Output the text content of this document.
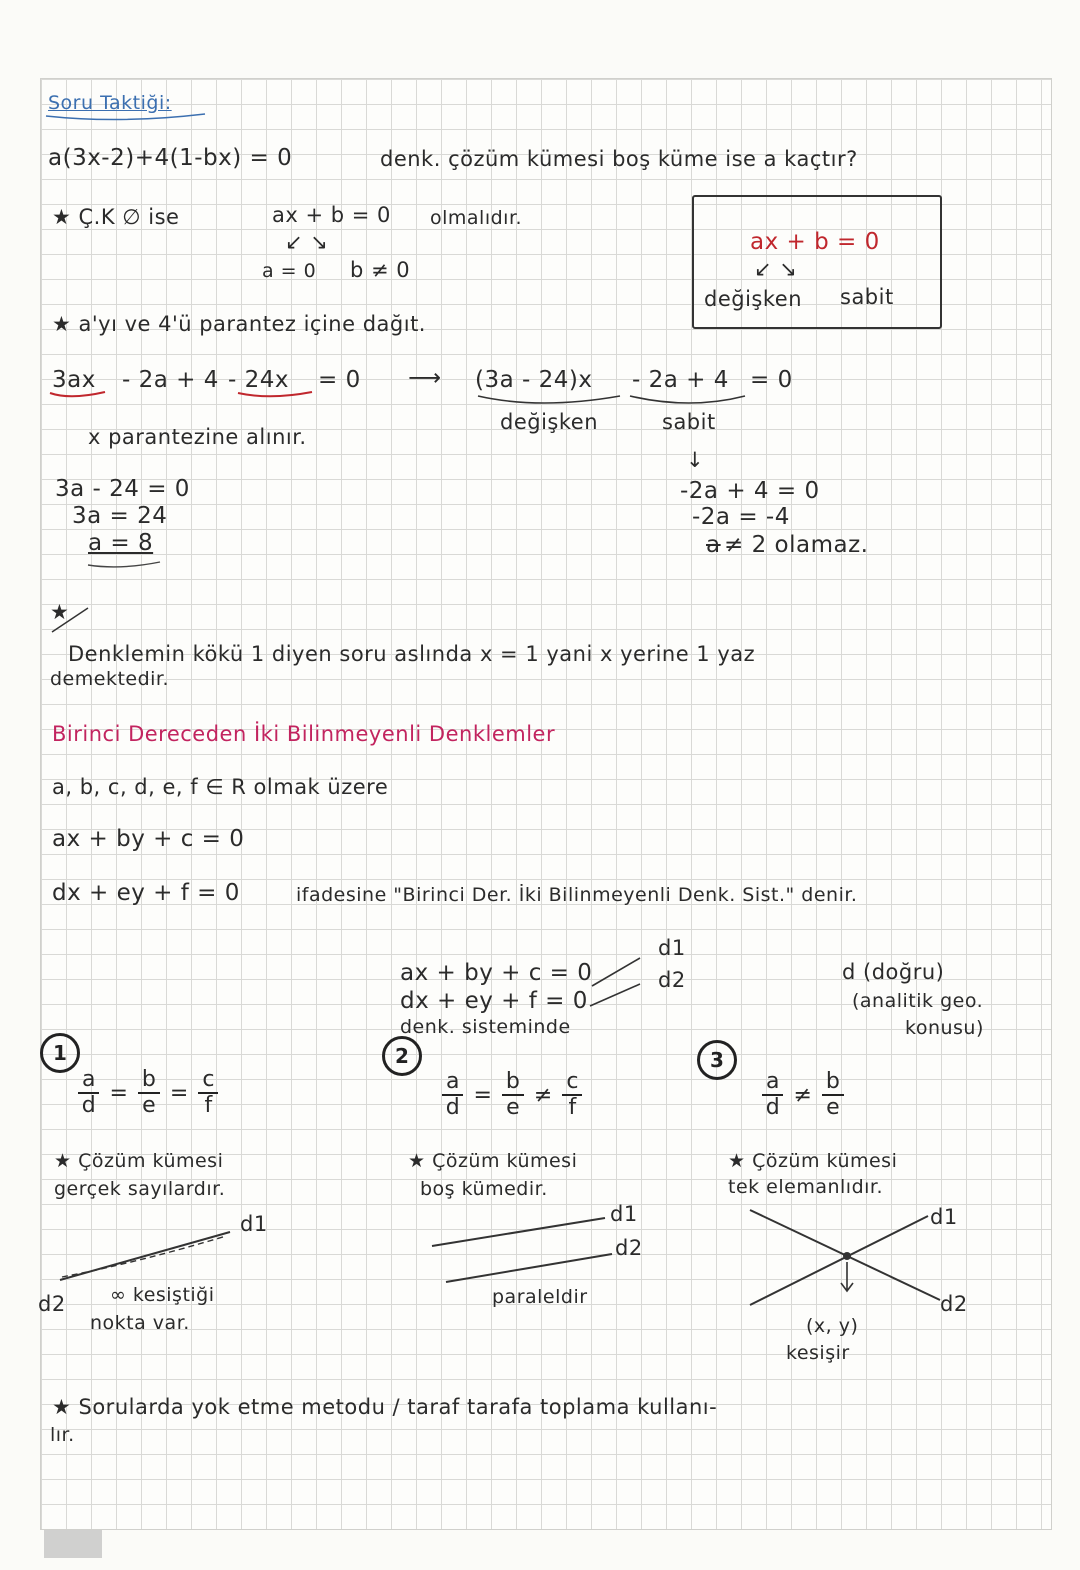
Soru Taktiği:
a(3x-2)+4(1-bx) = 0	denk. çözüm kümesi boş küme ise a kaçtır?
★ Ç.K ∅ ise	ax + b = 0 olmalıdır.
↙ ↘
a = 0 b ≠ 0
ax + b = 0
↙ ↘
değişken sabit
★ a'yı ve 4'ü parantez içine dağıt.
3ax - 2a + 4 - 24x = 0 ⟶ (3a - 24)x - 2a + 4 = 0
değişken	sabit
x parantezine alınır.
↓
3a - 24 = 0
3a = 24
a = 8
-2a + 4 = 0
-2a = -4
a ≠ 2 olamaz.
★
Denklemin kökü 1 diyen soru aslında x = 1 yani x yerine 1 yaz
demektedir.
Birinci Dereceden İki Bilinmeyenli Denklemler
a, b, c, d, e, f ∈ R olmak üzere
ax + by + c = 0
dx + ey + f = 0	ifadesine "Birinci Der. İki Bilinmeyenli Denk. Sist." denir.
ax + by + c = 0
dx + ey + f = 0
denk. sisteminde
d1
d2	d (doğru)
(analitik geo.
konusu)
1
$\frac{a}{d} = \frac{b}{e} = \frac{c}{f}$
★ Çözüm kümesi
gerçek sayılardır.
d1
d2 ∞ kesiştiği
nokta var.
2
$\frac{a}{d} = \frac{b}{e}$ ≠
c
f
★ Çözüm kümesi
boş kümedir.
d1
d2
paraleldir
3
a
d ≠
b
e
★ Çözüm kümesi
tek elemanlıdır.
d1
d2
(x, y)
kesişir
★ Sorularda yok etme metodu / taraf tarafa toplama kullanı-
lır.
